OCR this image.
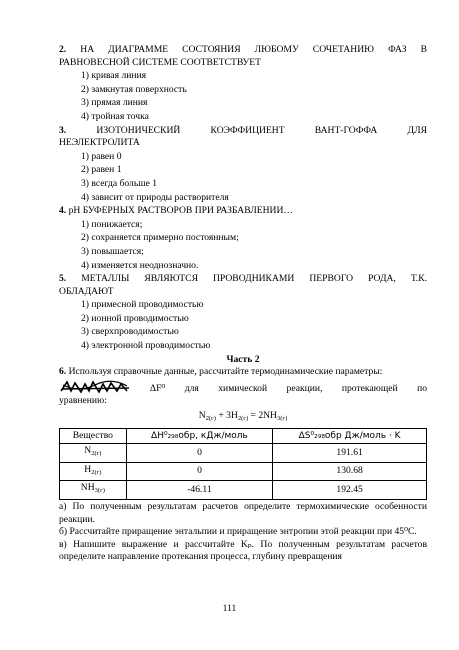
2. НА ДИАГРАММЕ СОСТОЯНИЯ ЛЮБОМУ СОЧЕТАНИЮ ФАЗ В

РАВНОВЕСНОЙ СИСТЕМЕ СООТВЕТСТВУЕТ

1) кривая линия
2) замкнутая поверхность
3) прямая линия
4) тройная точка

3.	ИЗОТОНИЧЕСКИЙ КОЭФФИЦИЕНТ ВАНТ-ГОФФА ДЛЯ

НЕЭЛЕКТРОЛИТА

1) равен 0
2) равен 1
3) всегда больше 1
4) зависит от природы растворителя

4. рН БУФЕРНЫХ РАСТВОРОВ ПРИ РАЗБАВЛЕНИИ…

1) понижается;
2) сохраняется примерно постоянным;
3) повышается;
4) изменяется неоднозначно.

5. МЕТАЛЛЫ ЯВЛЯЮТСЯ ПРОВОДНИКАМИ ПЕРВОГО РОДА, Т.К.

ОБЛАДАЮТ

1) примесной проводимостью
2) ионной проводимостью
3) сверхпроводимостью
4) электронной проводимостью

Часть 2

6. Используя справочные данные, рассчитайте термодинамические параметры:

ΔF⁰ для химической реакции, протекающей по

уравнению:

$N_{2(г)} + 3H_{2(г)} = 2NH_{3(г)}$

Вещество	ΔH⁰₂₉₈обр, кДж/моль	ΔS⁰₂₉₈обр Дж/моль · K
$N_{2(г)}$	0	191.61
$H_{2(г)}$	0	130.68
$NH_{3(г)}$	-46.11	192.45

а) По полученным результатам расчетов определите термохимические особенности реакции.

б) Рассчитайте приращение энтальпии и приращение энтропии этой реакции при 45⁰С.

в) Напишите выражение и рассчитайте Kₚ. По полученным результатам расчетов определите направление протекания процесса, глубину превращения

111
